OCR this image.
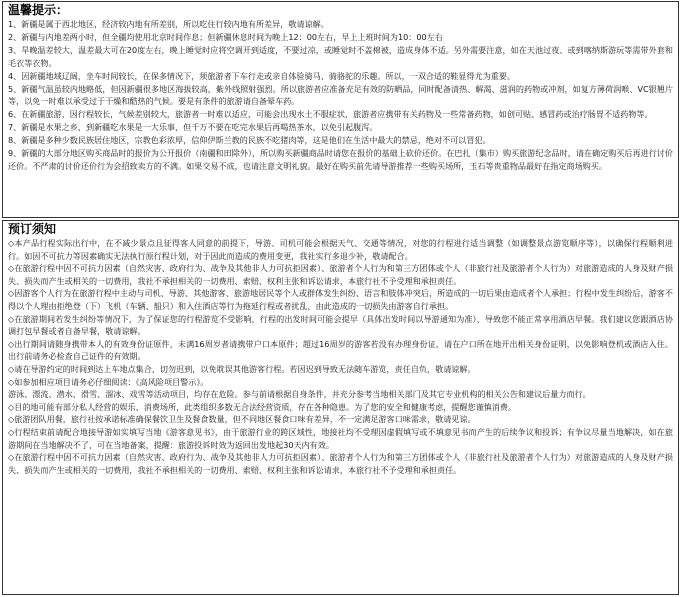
温馨提示：

1、新疆是属于西北地区，经济较内地有所差别，所以吃住行较内地有所差异，敬请谅解。

2、新疆与内地差两小时，但全疆均使用北京时间作息；但新疆休息时间为晚上12：00左右，早上上班时间为10：00左右

3、旱晚温差较大，温差最大可在20度左右，晚上睡觉时应将空调开到适度，不要过凉，或睡觉时不盖棉被，造成身体不适。另外需要注意，如在天池过夜、或到喀纳斯游玩等需带外套和毛衣等衣物。

4、因新疆地域辽阔，坐车时间较长，在保多情况下，须旅游者下车行走或亲自体验骑马、骑骆驼的乐趣。所以，一双合适的鞋显得尤为重要。

5、新疆气温虽较内地略低，但因新疆很多地区海拔较高，紫外线照射强烈。所以旅游者应准备充足有效的防晒品，同时配备清热、解渴、滋润的药物或冲剂，如复方薄荷润喉、VC银翘片等，以免一时难以承受过于干燥和酷热的气候。要是有条件的旅游请自备晕车药。

6、在新疆旅游，因行程较长，气候差别较大，旅游者一时难以适应，可能会出现水土不服症状，旅游者应携带有关药物及一些常备药物，如创可贴、感冒药或治疗肠胃不适药物等。

7、新疆是水果之乡，到新疆吃水果是一大乐事，但千万不要在吃完水果后再喝热茶水，以免引起腹泻。

8、新疆是多种少数民族居住地区，宗教色彩浓厚，信仰伊斯兰教的民族不吃猪肉等，这是他们在生活中最大的禁忌，绝对不可以冒犯。

9、新疆的大部分地区购买商品时的报价为公开报价（南疆和田除外），所以购买新疆商品时请您在报价的基础上砍价还价。在巴扎（集市）购买旅游纪念品时，请在确定购买后再进行讨价还价。不严肃的讨价还价行为会招致卖方的不满。如果交易不成，也请注意文明礼貌。最好在购买前先请导游推荐一些购买场所，玉石等贵重物品最好在指定商场购买。

预订须知

◇本产品行程实际出行中，在不减少景点且征得客人同意的前提下，导游、司机可能会根据天气、交通等情况，对您的行程进行适当调整（如调整景点游览顺序等），以确保行程顺利进行。如因不可抗力等因素确实无法执行原行程计划，对于因此而造成的费用变更，我社实行多退少补，敬请配合。

◇在旅游行程中因不可抗力因素（自然灾害、政府行为、战争及其他非人力可抗拒因素）、旅游者个人行为和第三方团体或个人（非旅行社及旅游者个人行为）对旅游造成的人身及财产损失、损失而产生或相关的一切费用，我社不承担相关的一切费用、索赔、权利主张和诉讼请求，本旅行社不予受理和承担责任。

◇因游客个人行为在旅游行程中主动与司机、导游、其他游客、旅游地居民等个人或群体发生纠纷、语言和肢体冲突后，所造成的一切后果由造成者个人承担；行程中发生纠纷后，游客不得以个人理由拒绝登（下）飞机（车辆、船只）和入住酒店等行为拖延行程或者扰乱，由此造成的一切损失由游客自行承担。

◇在旅游期间若发生纠纷等情况下，为了保证您的行程游览不受影响，行程的出发时间可能会提早（具体出发时间以导游通知为准），导致您不能正常享用酒店早餐。我们建议您跟酒店协调打包早餐或者自备早餐，敬请谅解。

◇出行期间请随身携带本人的有效身份证原件，未满16周岁者请携带户口本原件；超过16周岁的游客若没有办理身份证，请在户口所在地开出相关身份证明，以免影响登机或酒店入住。出行前请务必检查自己证件的有效期。

◇请在导游约定的时间到达上车地点集合，切勿迟到，以免耽误其他游客行程。若因迟到导致无法随车游览，责任自负，敬请谅解。

◇如参加相应项目请务必仔细阅读：《高风险项目警示》。

游泳、漂流、潜水、滑雪、溜冰、戏雪等活动项目，均存在危险。参与前请根据自身条件，并充分参考当地相关部门及其它专业机构的相关公告和建议后量力而行。

◇目的地可能有部分私人经营的娱乐、消费场所，此类组织多数无合法经营资质，存在各种隐患。为了您的安全和健康考虑，提醒您谨慎消费。

◇旅游团队用餐，旅行社按承诺标准确保餐饮卫生及餐食数量，但不同地区餐食口味有差异，不一定满足游客口味需求，敬请见谅。

◇行程结束前请配合地接导游如实填写当地《游客意见书》，由于旅游行业的跨区域性，地接社均不受理因虚假填写或不填意见书而产生的后续争议和投诉；有争议尽量当地解决，如在旅游期间在当地解决不了，可在当地备案，提醒：旅游投诉时效为返回出发地起30天内有效。

◇在旅游行程中因不可抗力因素（自然灾害、政府行为、战争及其他非人力可抗拒因素）、旅游者个人行为和第三方团体或个人（非旅行社及旅游者个人行为）对旅游造成的人身及财产损失、损失而产生或相关的一切费用，我社不承担相关的一切费用、索赔、权利主张和诉讼请求，本旅行社不予受理和承担责任。
